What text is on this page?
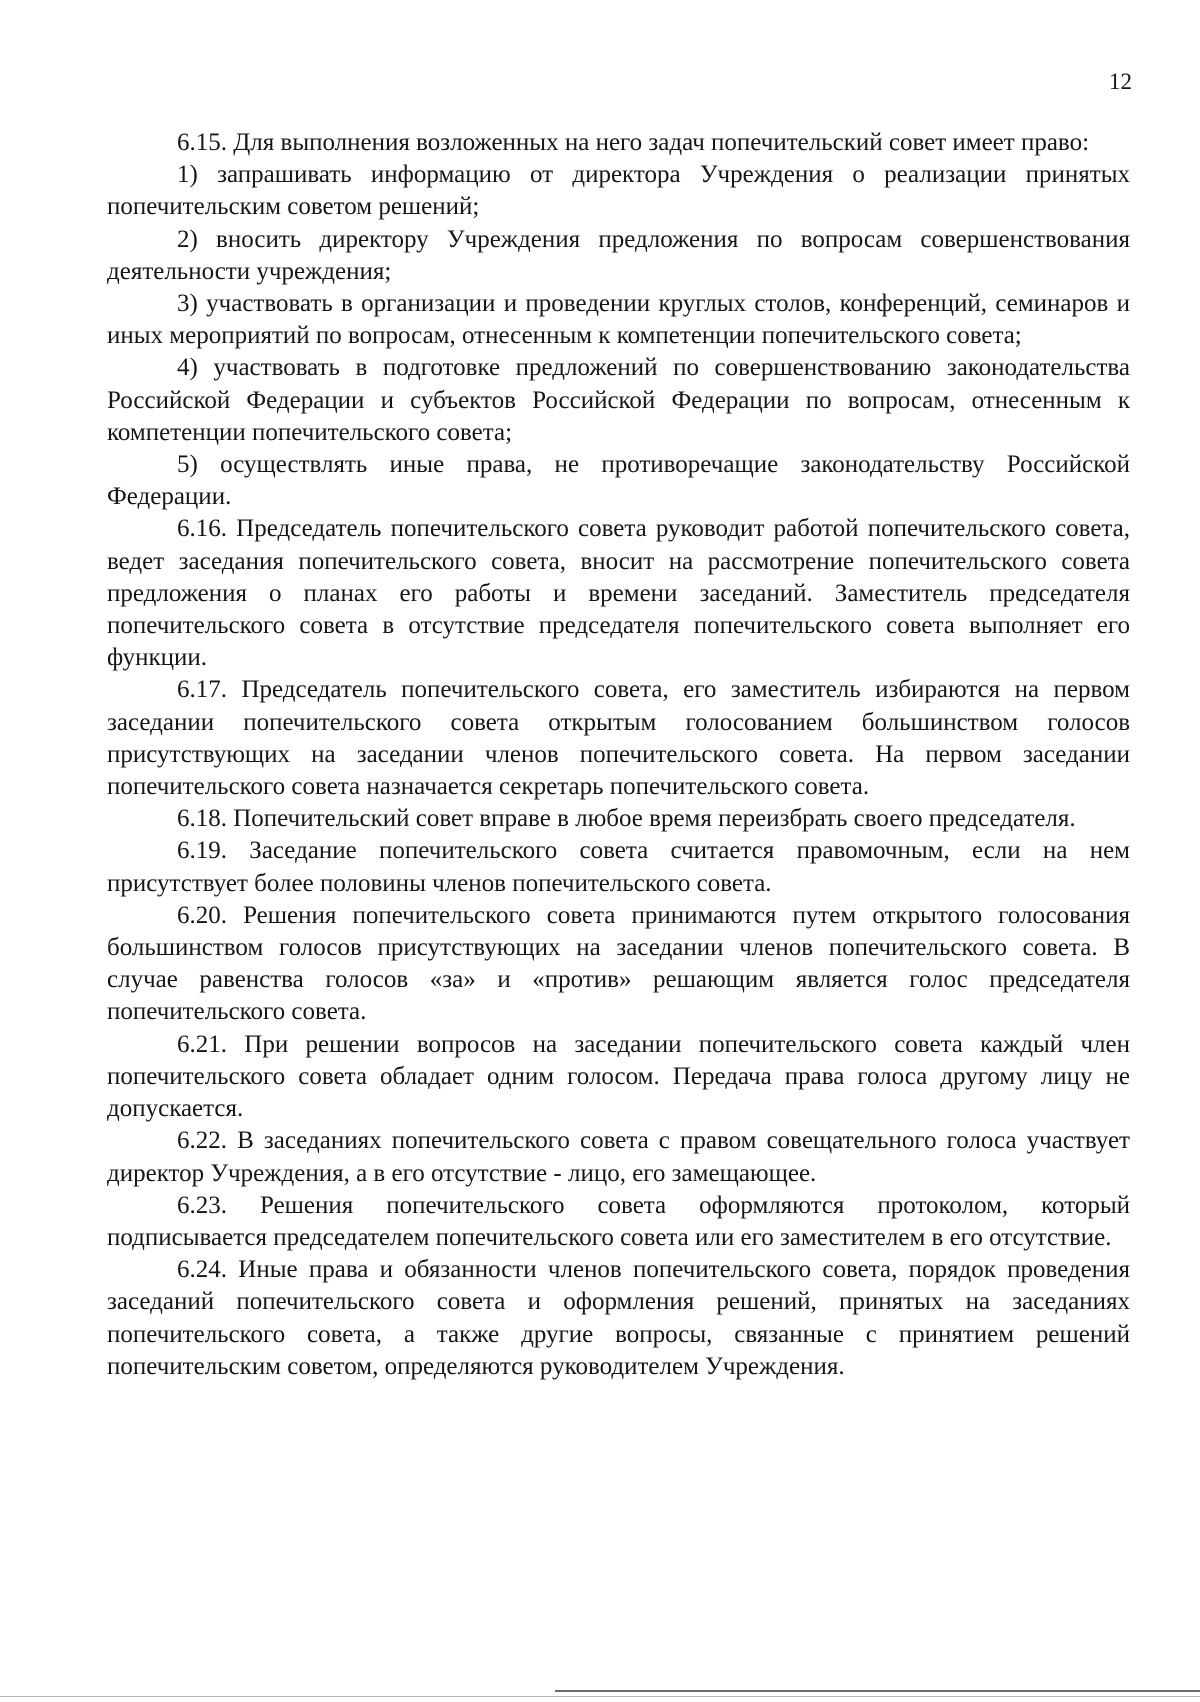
12

6.15. Для выполнения возложенных на него задач попечительский совет имеет право:

1) запрашивать информацию от директора Учреждения о реализации принятых попечительским советом решений;

2) вносить директору Учреждения предложения по вопросам совершенствования деятельности учреждения;

3) участвовать в организации и проведении круглых столов, конференций, семинаров и иных мероприятий по вопросам, отнесенным к компетенции попечительского совета;

4) участвовать в подготовке предложений по совершенствованию законодательства Российской Федерации и субъектов Российской Федерации по вопросам, отнесенным к компетенции попечительского совета;

5) осуществлять иные права, не противоречащие законодательству Российской Федерации.

6.16. Председатель попечительского совета руководит работой попечительского совета, ведет заседания попечительского совета, вносит на рассмотрение попечительского совета предложения о планах его работы и времени заседаний. Заместитель председателя попечительского совета в отсутствие председателя попечительского совета выполняет его функции.

6.17. Председатель попечительского совета, его заместитель избираются на первом заседании попечительского совета открытым голосованием большинством голосов присутствующих на заседании членов попечительского совета. На первом заседании попечительского совета назначается секретарь попечительского совета.

6.18. Попечительский совет вправе в любое время переизбрать своего председателя.

6.19. Заседание попечительского совета считается правомочным, если на нем присутствует более половины членов попечительского совета.

6.20. Решения попечительского совета принимаются путем открытого голосования большинством голосов присутствующих на заседании членов попечительского совета. В случае равенства голосов «за» и «против» решающим является голос председателя попечительского совета.

6.21. При решении вопросов на заседании попечительского совета каждый член попечительского совета обладает одним голосом. Передача права голоса другому лицу не допускается.

6.22. В заседаниях попечительского совета с правом совещательного голоса участвует директор Учреждения, а в его отсутствие - лицо, его замещающее.

6.23. Решения попечительского совета оформляются протоколом, который подписывается председателем попечительского совета или его заместителем в его отсутствие.

6.24. Иные права и обязанности членов попечительского совета, порядок проведения заседаний попечительского совета и оформления решений, принятых на заседаниях попечительского совета, а также другие вопросы, связанные с принятием решений попечительским советом, определяются руководителем Учреждения.
